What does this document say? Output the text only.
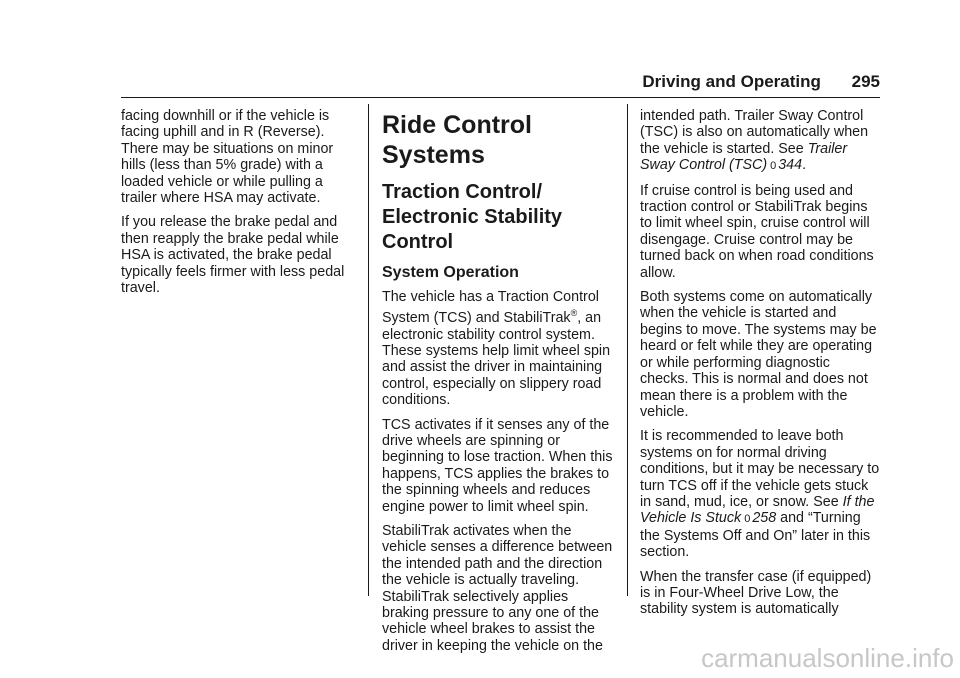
Driving and Operating 295

facing downhill or if the vehicle is facing uphill and in R (Reverse). There may be situations on minor hills (less than 5% grade) with a loaded vehicle or while pulling a trailer where HSA may activate.

If you release the brake pedal and then reapply the brake pedal while HSA is activated, the brake pedal typically feels firmer with less pedal travel.

Ride Control Systems
Traction Control/ Electronic Stability Control
System Operation

The vehicle has a Traction Control System (TCS) and StabiliTrak®, an electronic stability control system. These systems help limit wheel spin and assist the driver in maintaining control, especially on slippery road conditions.

TCS activates if it senses any of the drive wheels are spinning or beginning to lose traction. When this happens, TCS applies the brakes to the spinning wheels and reduces engine power to limit wheel spin.

StabiliTrak activates when the vehicle senses a difference between the intended path and the direction the vehicle is actually traveling. StabiliTrak selectively applies braking pressure to any one of the vehicle wheel brakes to assist the driver in keeping the vehicle on the

intended path. Trailer Sway Control (TSC) is also on automatically when the vehicle is started. See Trailer Sway Control (TSC) 0 344.

If cruise control is being used and traction control or StabiliTrak begins to limit wheel spin, cruise control will disengage. Cruise control may be turned back on when road conditions allow.

Both systems come on automatically when the vehicle is started and begins to move. The systems may be heard or felt while they are operating or while performing diagnostic checks. This is normal and does not mean there is a problem with the vehicle.

It is recommended to leave both systems on for normal driving conditions, but it may be necessary to turn TCS off if the vehicle gets stuck in sand, mud, ice, or snow. See If the Vehicle Is Stuck 0 258 and “Turning the Systems Off and On” later in this section.

When the transfer case (if equipped) is in Four-Wheel Drive Low, the stability system is automatically

carmanualsonline.info
